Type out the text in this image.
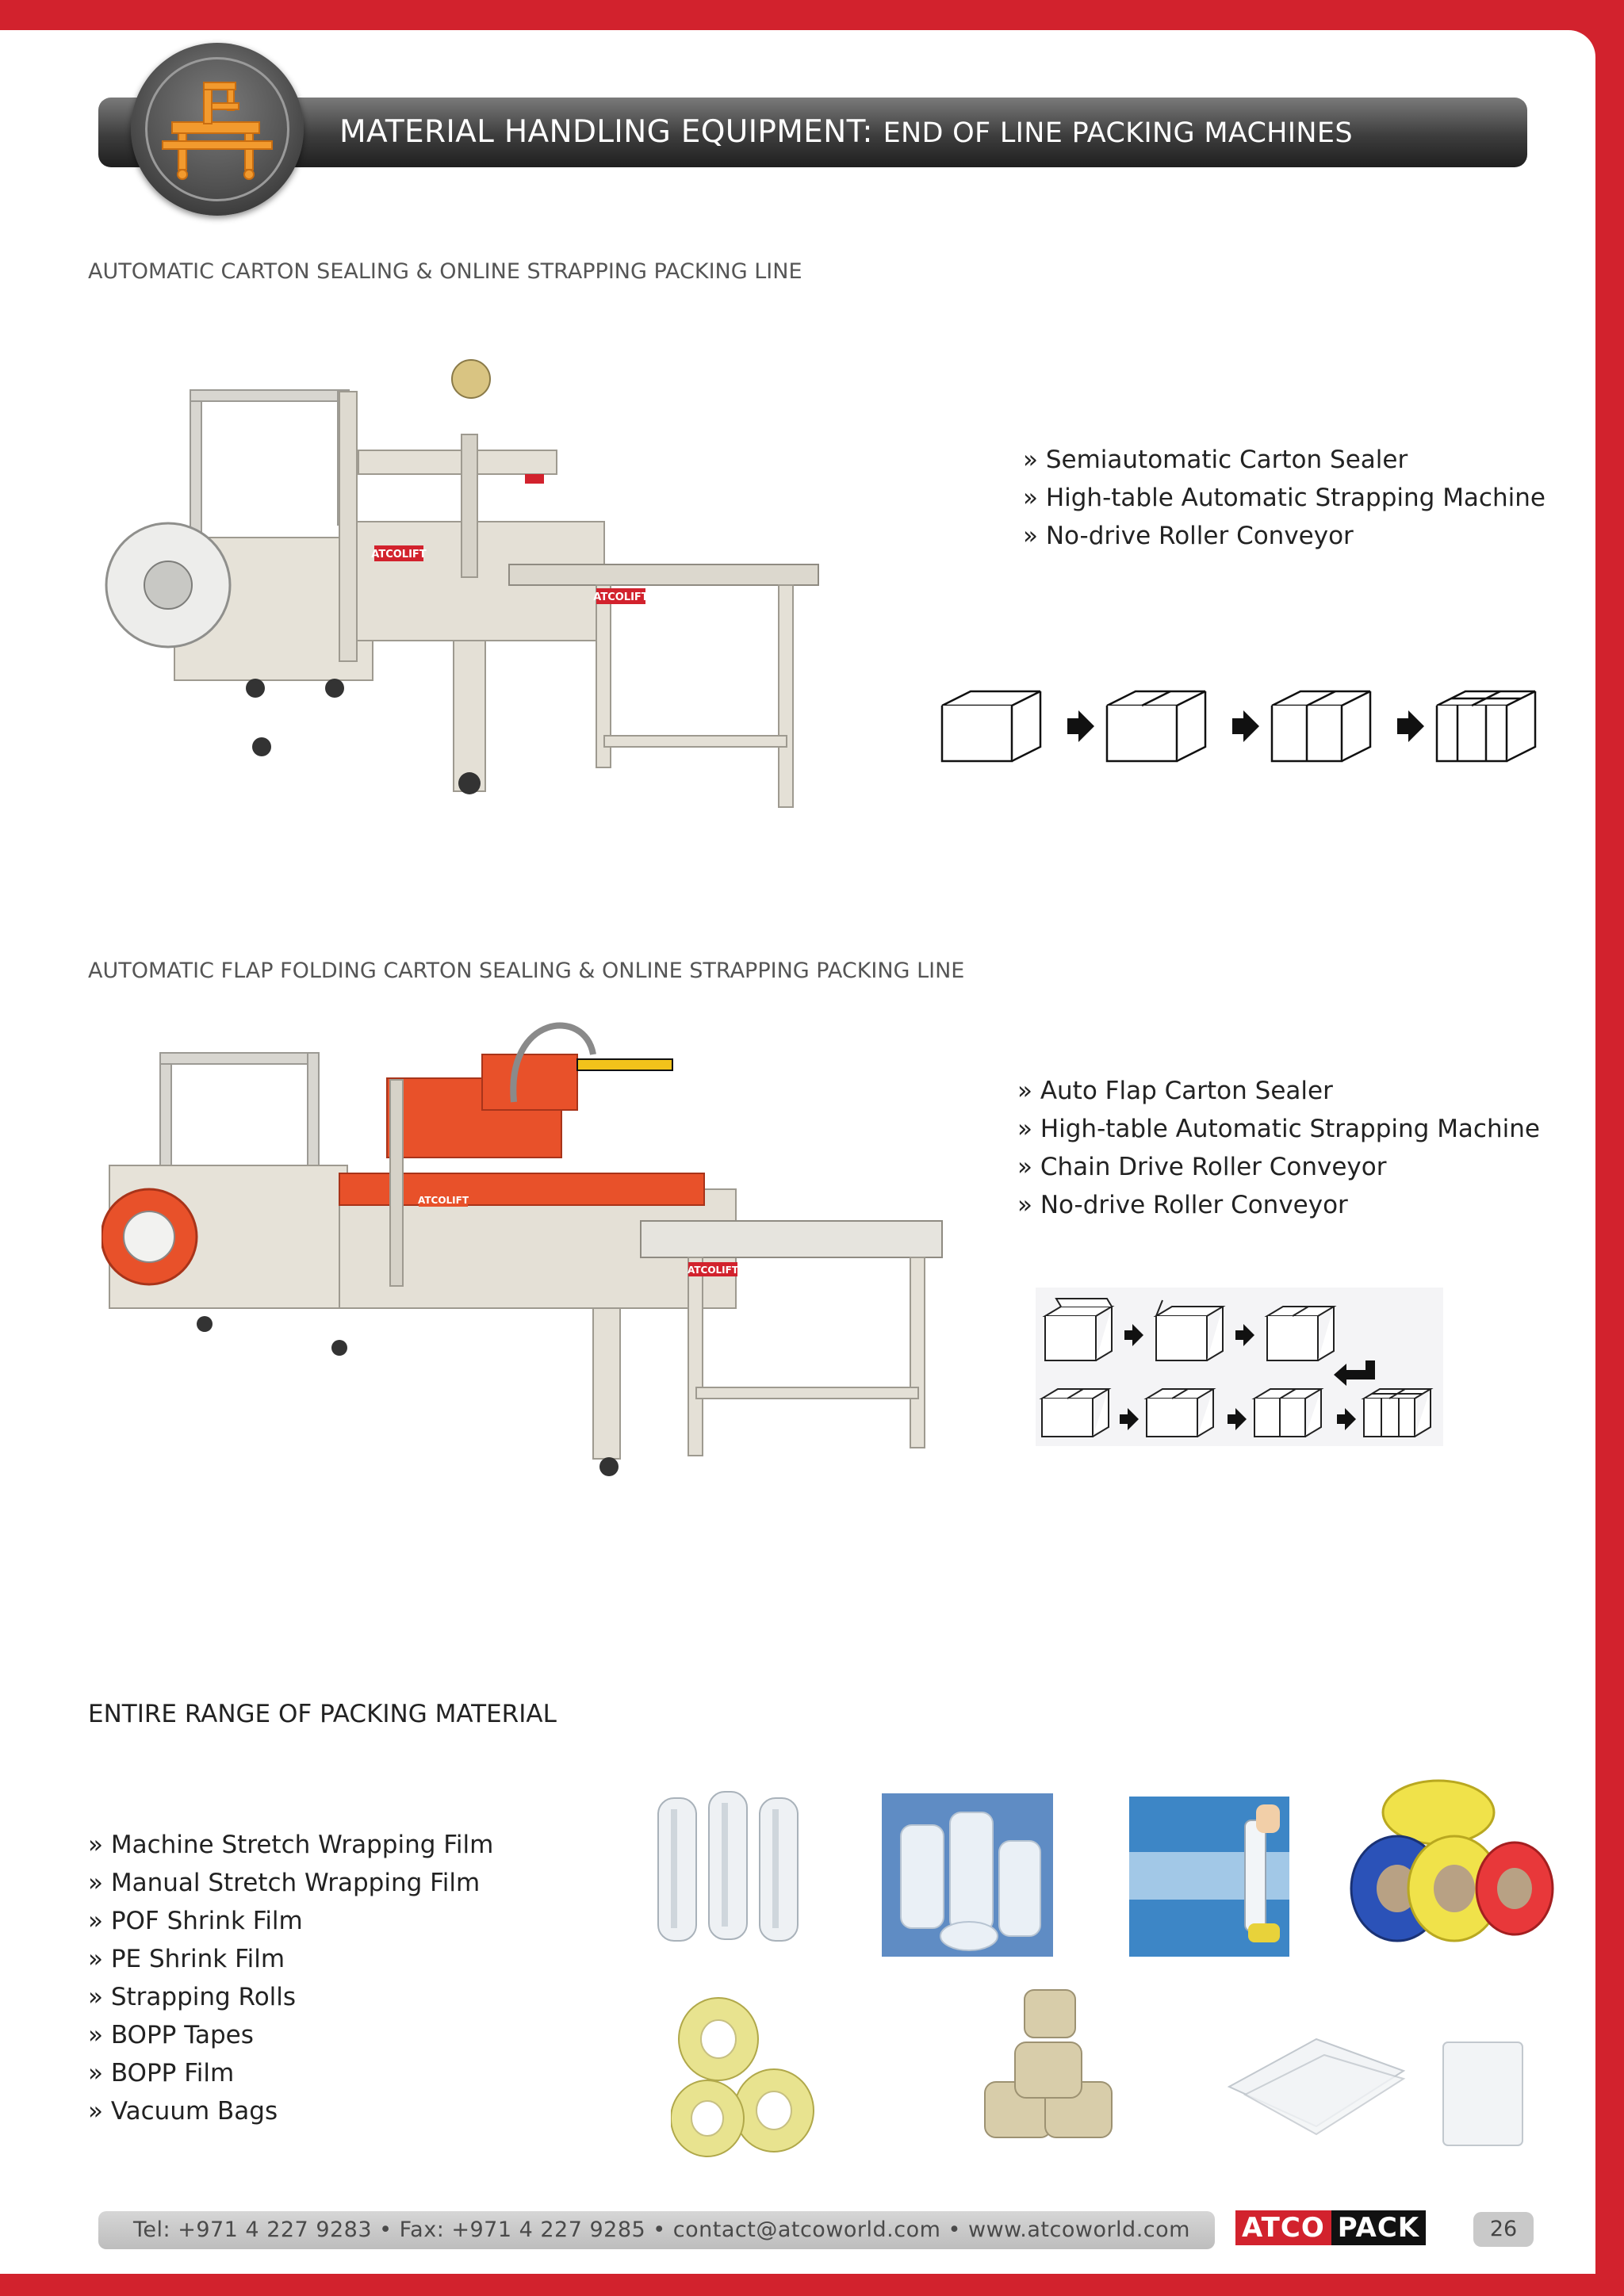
MATERIAL HANDLING EQUIPMENT: END OF LINE PACKING MACHINES
AUTOMATIC CARTON SEALING & ONLINE STRAPPING PACKING LINE
ATCOLIFT
ATCOLIFT
» Semiautomatic Carton Sealer
» High-table Automatic Strapping Machine
» No-drive Roller Conveyor
AUTOMATIC FLAP FOLDING CARTON SEALING & ONLINE STRAPPING PACKING LINE
ATCOLIFT
ATCOLIFT
» Auto Flap Carton Sealer
» High-table Automatic Strapping Machine
» Chain Drive Roller Conveyor
» No-drive Roller Conveyor
ENTIRE RANGE OF PACKING MATERIAL
» Machine Stretch Wrapping Film
» Manual Stretch Wrapping Film
» POF Shrink Film
» PE Shrink Film
» Strapping Rolls
» BOPP Tapes
» BOPP Film
» Vacuum Bags
Tel: +971 4 227 9283 • Fax: +971 4 227 9285 • contact@atcoworld.com • www.atcoworld.com ATCO PACK	26
